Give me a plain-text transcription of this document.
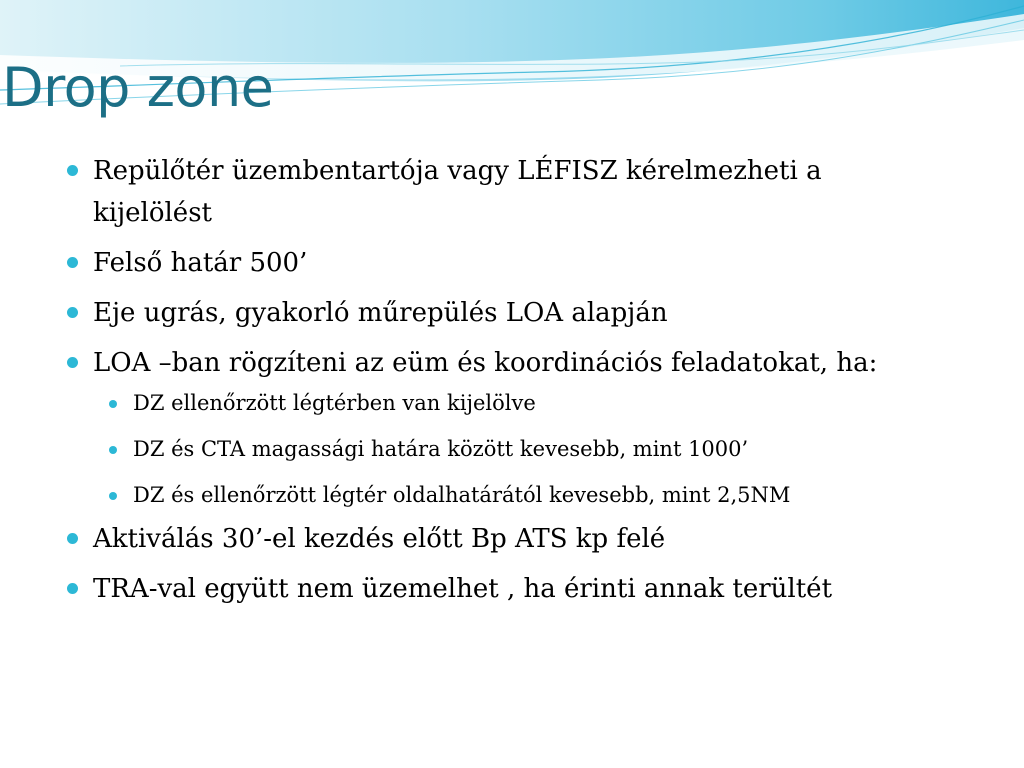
Drop zone
Repülőtér üzembentartója vagy LÉFISZ kérelmezheti a kijelölést
Felső határ 500’
Eje ugrás, gyakorló műrepülés LOA alapján
LOA –ban rögzíteni az eüm és koordinációs feladatokat, ha:
DZ ellenőrzött légtérben van kijelölve
DZ és CTA magassági határa között kevesebb, mint 1000’
DZ és ellenőrzött légtér oldalhatárától kevesebb, mint 2,5NM
Aktiválás 30’-el kezdés előtt Bp ATS kp felé
TRA-val együtt nem üzemelhet , ha érinti annak terültét
